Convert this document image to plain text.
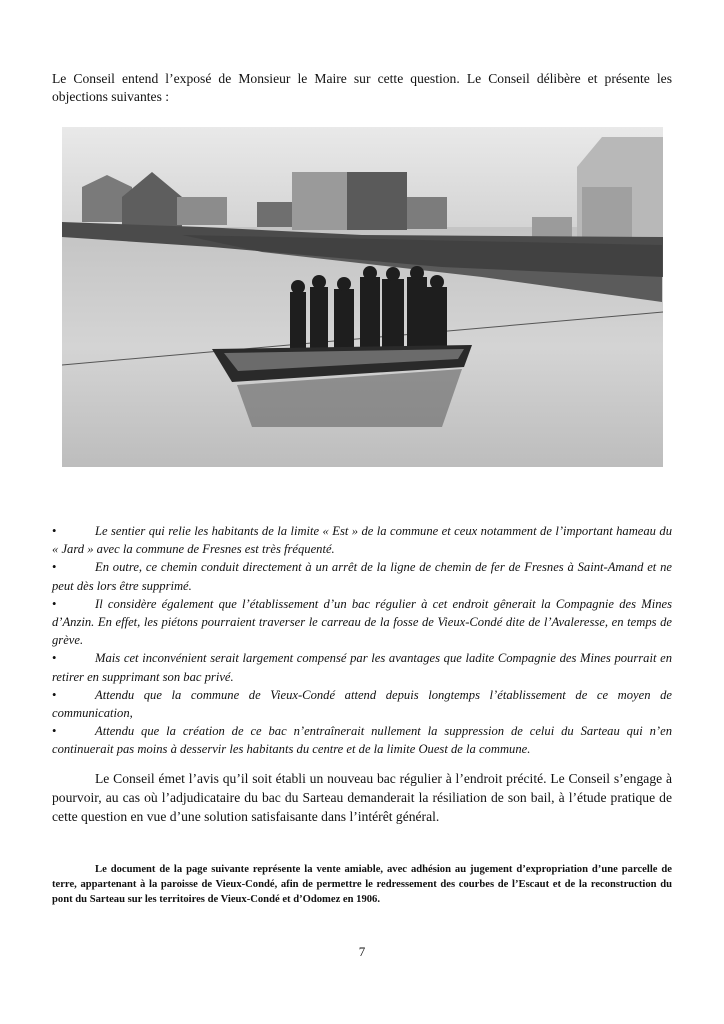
Le Conseil entend l’exposé de Monsieur le Maire sur cette question. Le Conseil délibère et présente les objections suivantes :

•	Le sentier qui relie les habitants de la limite « Est » de la commune et ceux notamment de l’important hameau du « Jard » avec la commune de Fresnes est très fréquenté.
•	En outre, ce chemin conduit directement à un arrêt de la ligne de chemin de fer de Fresnes à Saint-Amand et ne peut dès lors être supprimé.
•	Il considère également que l’établissement d’un bac régulier à cet endroit gênerait la Compagnie des Mines d’Anzin. En effet, les piétons pourraient traverser le carreau de la fosse de Vieux-Condé dite de l’Avaleresse, en temps de grève.
•	Mais cet inconvénient serait largement compensé par les avantages que ladite Compagnie des Mines pourrait en retirer en supprimant son bac privé.
•	Attendu que la commune de Vieux-Condé attend depuis longtemps l’établissement de ce moyen de communication,
•	Attendu que la création de ce bac n’entraînerait nullement la suppression de celui du Sarteau qui n’en continuerait pas moins à desservir les habitants du centre et de la limite Ouest de la commune.

Le Conseil émet l’avis qu’il soit établi un nouveau bac régulier à l’endroit précité. Le Conseil s’engage à pourvoir, au cas où l’adjudicataire du bac du Sarteau demanderait la résiliation de son bail, à l’étude pratique de cette question en vue d’une solution satisfaisante dans l’intérêt général.

Le document de la page suivante représente la vente amiable, avec adhésion au jugement d’expropriation d’une parcelle de terre, appartenant à la paroisse de Vieux-Condé, afin de permettre le redressement des courbes de l’Escaut et de la reconstruction du pont du Sarteau sur les territoires de Vieux-Condé et d’Odomez en 1906.

7
